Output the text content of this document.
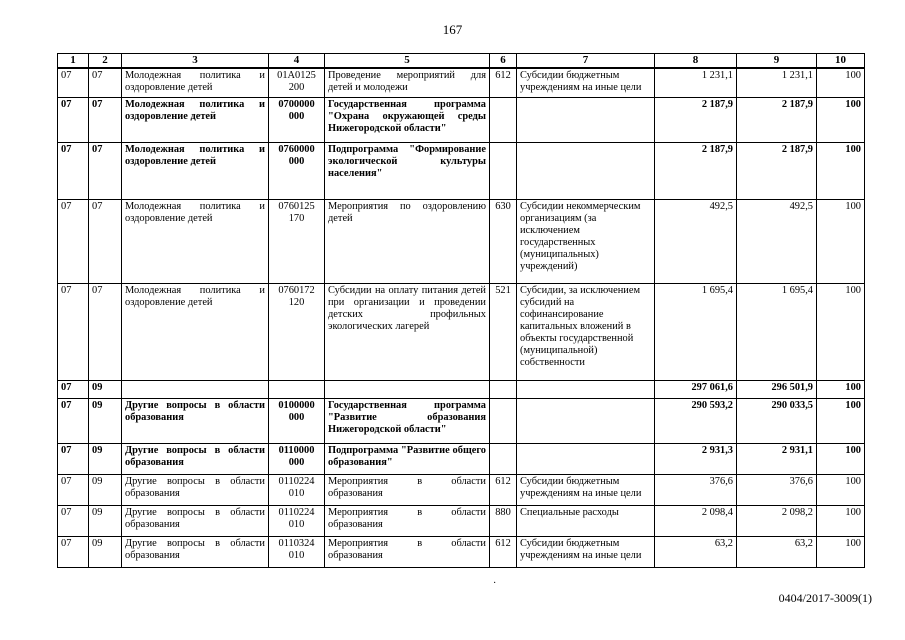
167
1	2	3	4	5	6	7	8	9	10
07	07	Молодежная политика и оздоровление детей	01А0125 200	Проведение мероприятий для детей и молодежи	612	Субсидии бюджетным учреждениям на иные цели	1 231,1	1 231,1	100
07	07	Молодежная политика и оздоровление детей	0700000 000	Государственная программа "Охрана окружающей среды Нижегородской области"			2 187,9	2 187,9	100
07	07	Молодежная политика и оздоровление детей	0760000 000	Подпрограмма "Формирование экологической культуры населения"			2 187,9	2 187,9	100
07	07	Молодежная политика и оздоровление детей	0760125 170	Мероприятия по оздоровлению детей	630	Субсидии некоммерческим организациям (за исключением государственных (муниципальных) учреждений)	492,5	492,5	100
07	07	Молодежная политика и оздоровление детей	0760172 120	Субсидии на оплату питания детей при организации и проведении детских профильных экологических лагерей	521	Субсидии, за исключением субсидий на софинансирование капитальных вложений в объекты государственной (муниципальной) собственности	1 695,4	1 695,4	100
07	09						297 061,6	296 501,9	100
07	09	Другие вопросы в области образования	0100000 000	Государственная программа "Развитие образования Нижегородской области"			290 593,2	290 033,5	100
07	09	Другие вопросы в области образования	0110000 000	Подпрограмма "Развитие общего образования"			2 931,3	2 931,1	100
07	09	Другие вопросы в области образования	0110224 010	Мероприятия в области образования	612	Субсидии бюджетным учреждениям на иные цели	376,6	376,6	100
07	09	Другие вопросы в области образования	0110224 010	Мероприятия в области образования	880	Специальные расходы	2 098,4	2 098,2	100
07	09	Другие вопросы в области образования	0110324 010	Мероприятия в области образования	612	Субсидии бюджетным учреждениям на иные цели	63,2	63,2	100
·
0404/2017-3009(1)
